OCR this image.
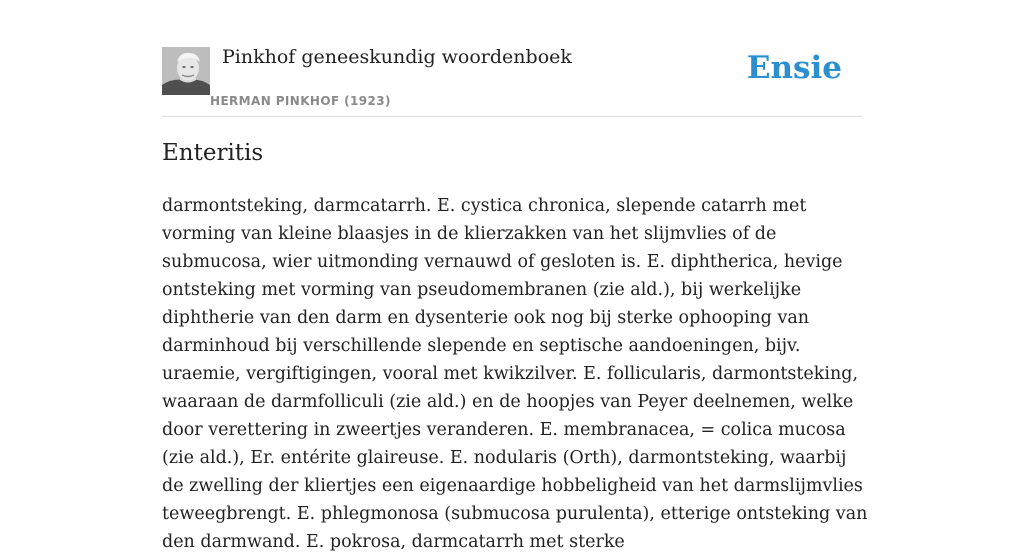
Pinkhof geneeskundig woordenboek
HERMAN PINKHOF (1923)
Ensie
Enteritis

darmontsteking, darmcatarrh. E. cystica chronica, slepende catarrh met vorming van kleine blaasjes in de klierzakken van het slijmvlies of de submucosa, wier uitmonding vernauwd of gesloten is. E. diphtherica, hevige ontsteking met vorming van pseudomembranen (zie ald.), bij werkelijke diphtherie van den darm en dysenterie ook nog bij sterke ophooping van darminhoud bij verschillende slepende en septische aandoeningen, bijv. uraemie, vergiftigingen, vooral met kwikzilver. E. follicularis, darmontsteking, waaraan de darmfolliculi (zie ald.) en de hoopjes van Peyer deelnemen, welke door verettering in zweertjes veranderen. E. membranacea, = colica mucosa (zie ald.), Er. entérite glaireuse. E. nodularis (Orth), darmontsteking, waarbij de zwelling der kliertjes een eigenaardige hobbeligheid van het darmslijmvlies teweegbrengt. E. phlegmonosa (submucosa purulenta), etterige ontsteking van den darmwand. E. pokrosa, darmcatarrh met sterke
